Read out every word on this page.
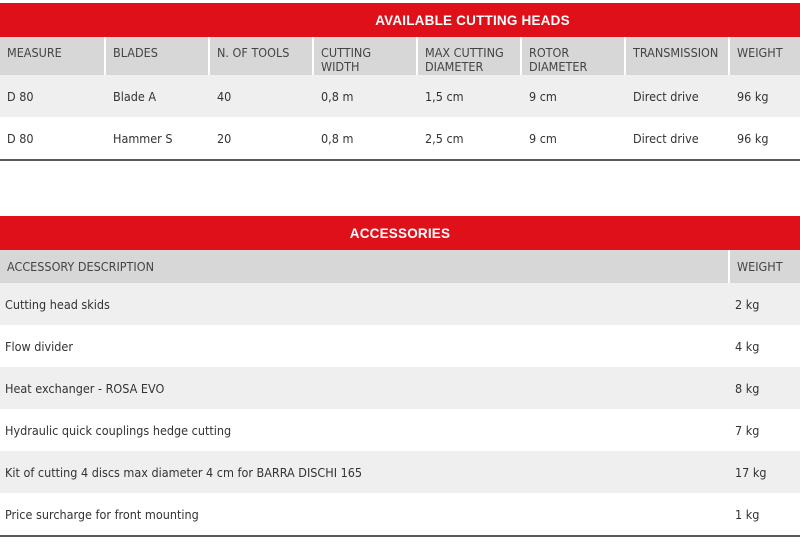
AVAILABLE CUTTING HEADS
MEASURE	BLADES	N. OF TOOLS	CUTTING WIDTH	MAX CUTTING DIAMETER	ROTOR DIAMETER	TRANSMISSION	WEIGHT
D 80	Blade A	40	0,8 m	1,5 cm	9 cm	Direct drive	96 kg
D 80	Hammer S	20	0,8 m	2,5 cm	9 cm	Direct drive	96 kg
ACCESSORIES
ACCESSORY DESCRIPTION	WEIGHT
Cutting head skids	2 kg
Flow divider	4 kg
Heat exchanger - ROSA EVO	8 kg
Hydraulic quick couplings hedge cutting	7 kg
Kit of cutting 4 discs max diameter 4 cm for BARRA DISCHI 165	17 kg
Price surcharge for front mounting	1 kg
